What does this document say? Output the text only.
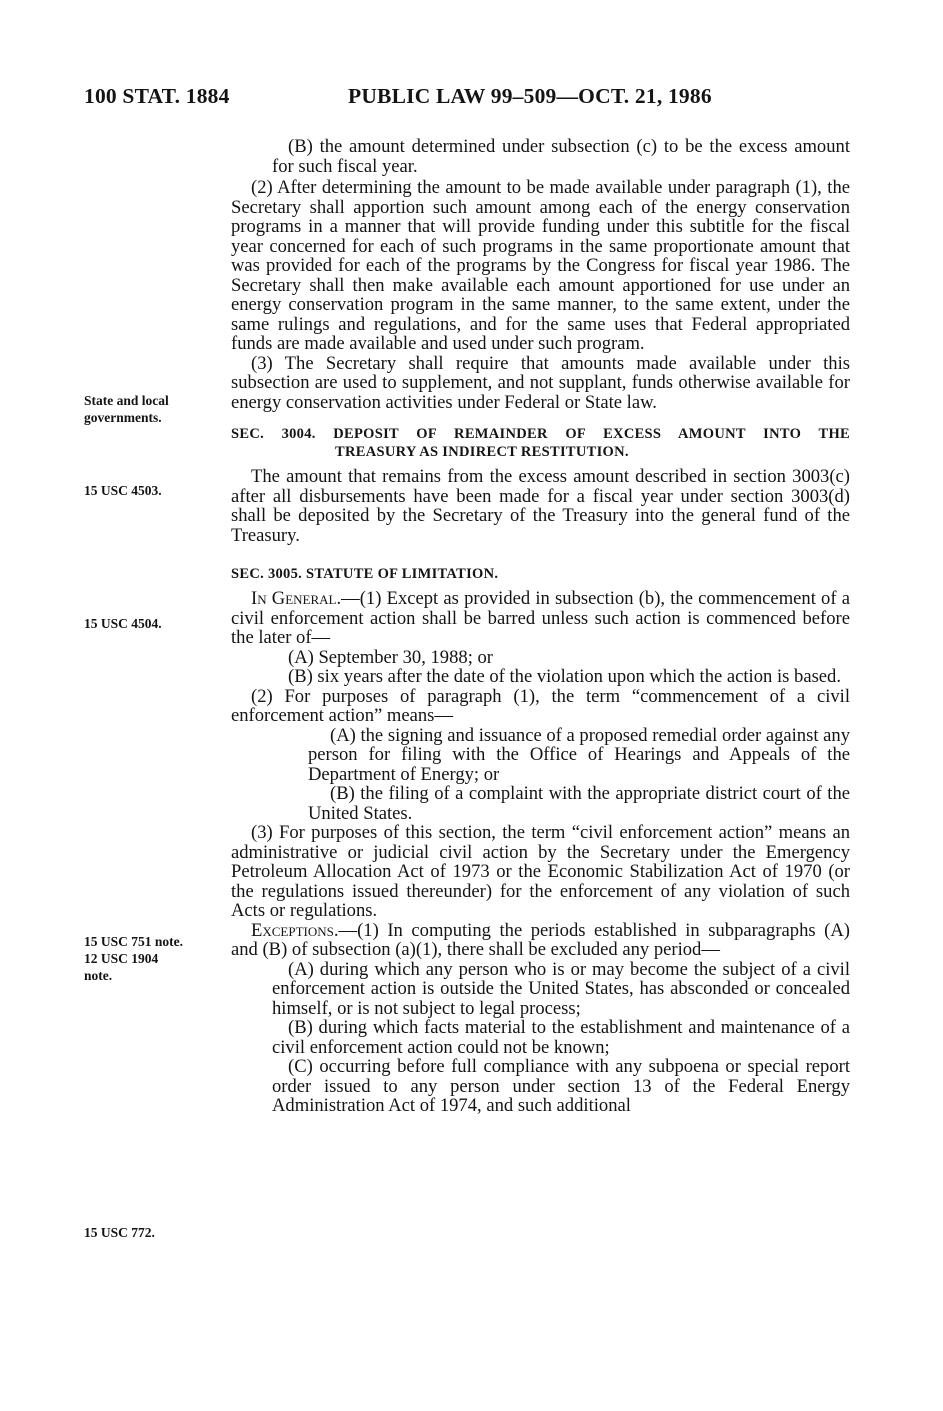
100 STAT. 1884	PUBLIC LAW 99–509—OCT. 21, 1986
State and local governments.
15 USC 4503.
15 USC 4504.
15 USC 751 note.
12 USC 1904 note.
15 USC 772.

(B) the amount determined under subsection (c) to be the excess amount for such fiscal year.

(2) After determining the amount to be made available under paragraph (1), the Secretary shall apportion such amount among each of the energy conservation programs in a manner that will provide funding under this subtitle for the fiscal year concerned for each of such programs in the same proportionate amount that was provided for each of the programs by the Congress for fiscal year 1986. The Secretary shall then make available each amount apportioned for use under an energy conservation program in the same manner, to the same extent, under the same rulings and regulations, and for the same uses that Federal appropriated funds are made available and used under such program.

(3) The Secretary shall require that amounts made available under this subsection are used to supplement, and not supplant, funds otherwise available for energy conservation activities under Federal or State law.

SEC. 3004. DEPOSIT OF REMAINDER OF EXCESS AMOUNT INTO THE
TREASURY AS INDIRECT RESTITUTION.

The amount that remains from the excess amount described in section 3003(c) after all disbursements have been made for a fiscal year under section 3003(d) shall be deposited by the Secretary of the Treasury into the general fund of the Treasury.

SEC. 3005. STATUTE OF LIMITATION.

In General.—(1) Except as provided in subsection (b), the commencement of a civil enforcement action shall be barred unless such action is commenced before the later of—

(A) September 30, 1988; or

(B) six years after the date of the violation upon which the action is based.

(2) For purposes of paragraph (1), the term “commencement of a civil enforcement action” means—

(A) the signing and issuance of a proposed remedial order against any person for filing with the Office of Hearings and Appeals of the Department of Energy; or

(B) the filing of a complaint with the appropriate district court of the United States.

(3) For purposes of this section, the term “civil enforcement action” means an administrative or judicial civil action by the Secretary under the Emergency Petroleum Allocation Act of 1973 or the Economic Stabilization Act of 1970 (or the regulations issued thereunder) for the enforcement of any violation of such Acts or regulations.

Exceptions.—(1) In computing the periods established in subparagraphs (A) and (B) of subsection (a)(1), there shall be excluded any period—

(A) during which any person who is or may become the subject of a civil enforcement action is outside the United States, has absconded or concealed himself, or is not subject to legal process;

(B) during which facts material to the establishment and maintenance of a civil enforcement action could not be known;

(C) occurring before full compliance with any subpoena or special report order issued to any person under section 13 of the Federal Energy Administration Act of 1974, and such additional
